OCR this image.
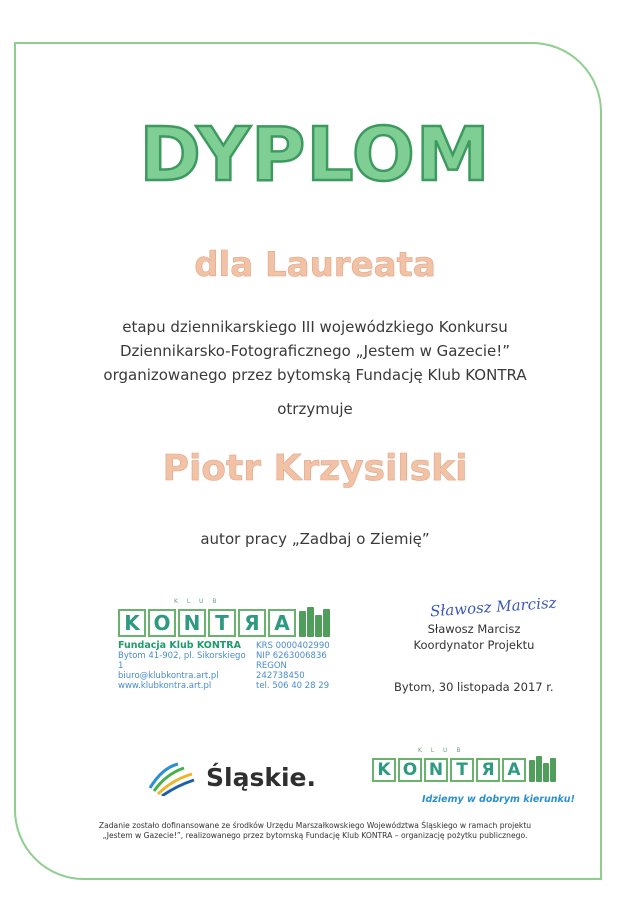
DYPLOM
dla Laureata
etapu dziennikarskiego III wojewódzkiego Konkursu
Dziennikarsko-Fotograficznego „Jestem w Gazecie!”
organizowanego przez bytomską Fundację Klub KONTRA
otrzymuje
Piotr Krzysilski
autor pracy „Zadbaj o Ziemię”
KLUB
K O N T Я A
Fundacja Klub KONTRA
Bytom 41-902, pl. Sikorskiego 1
biuro@klubkontra.art.pl
www.klubkontra.art.pl
KRS 0000402990
NIP 6263006836
REGON 242738450
tel. 506 40 28 29
Sławosz Marcisz
Sławosz Marcisz
Koordynator Projektu
Bytom, 30 listopada 2017 r.
Śląskie.
KLUB
K O N T Я A
Idziemy w dobrym kierunku!
Zadanie zostało dofinansowane ze środków Urzędu Marszałkowskiego Województwa Śląskiego w ramach projektu
„Jestem w Gazecie!”, realizowanego przez bytomską Fundację Klub KONTRA – organizację pożytku publicznego.
